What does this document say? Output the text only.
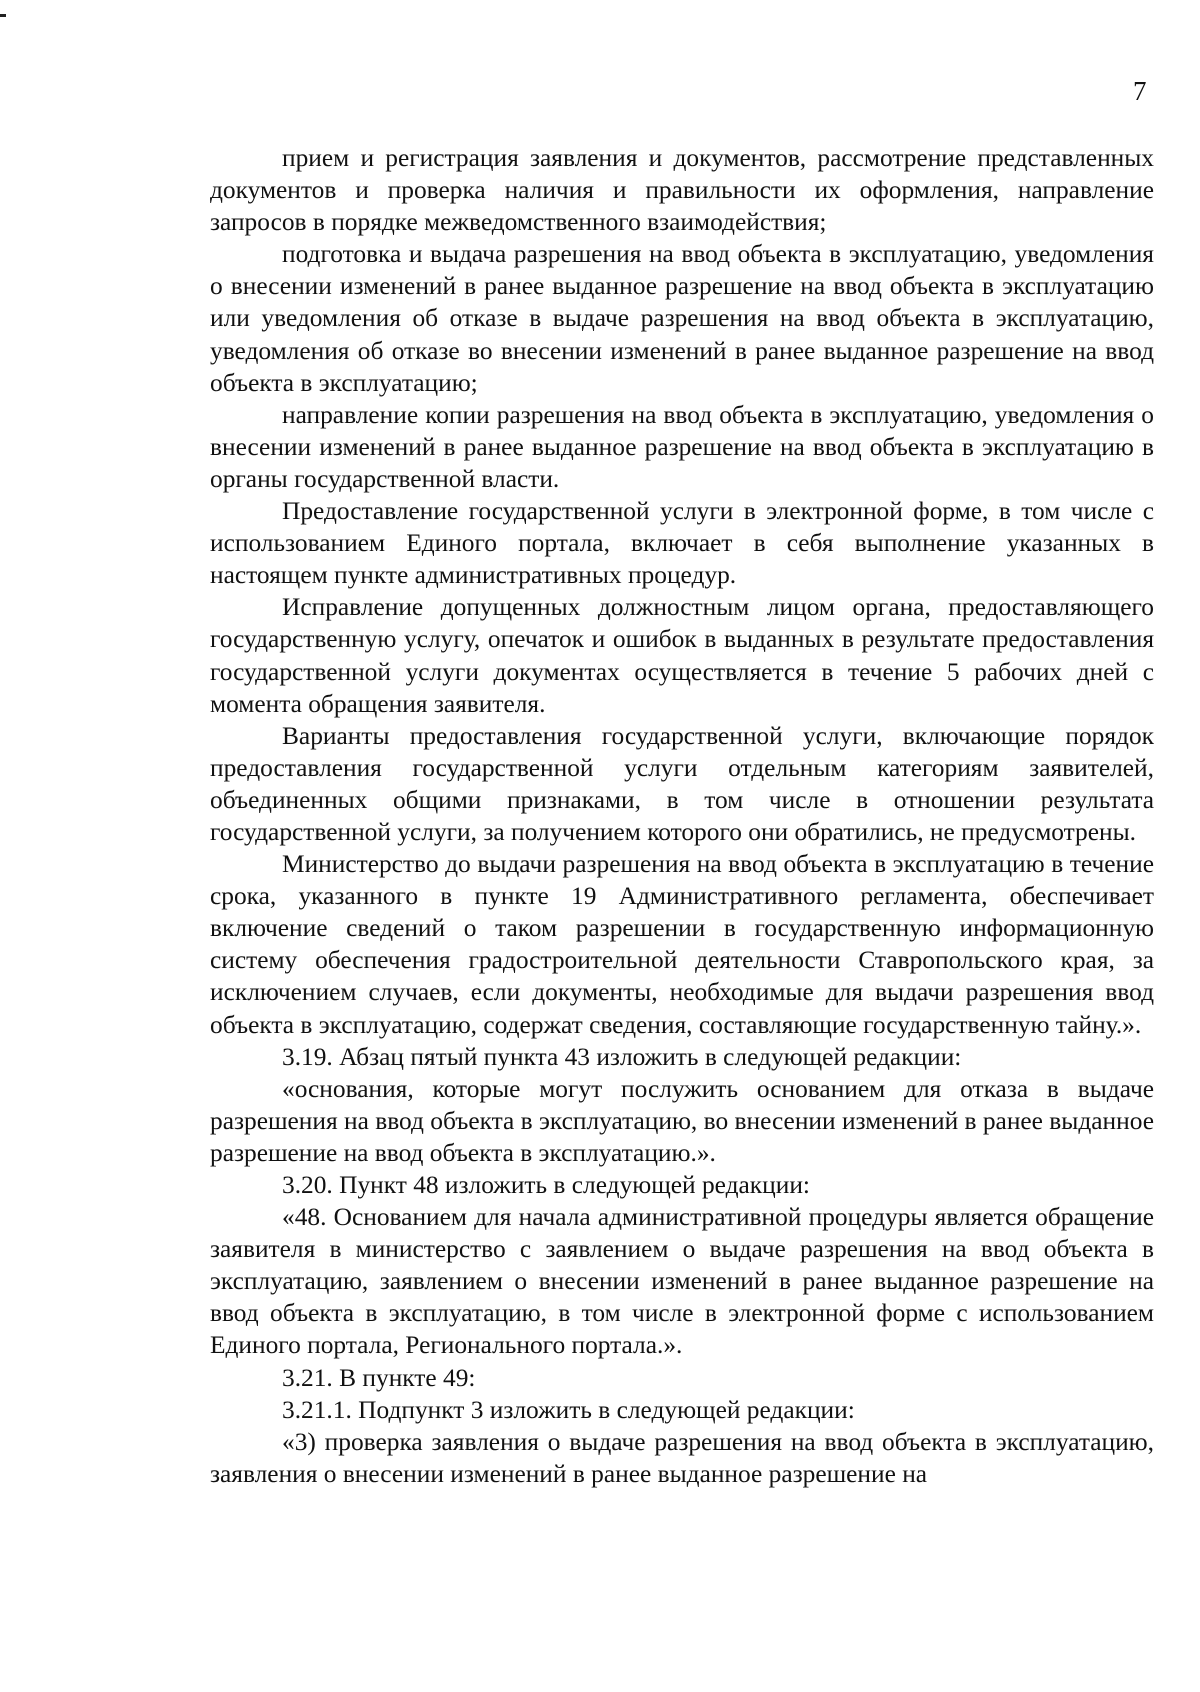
7

прием и регистрация заявления и документов, рассмотрение представленных документов и проверка наличия и правильности их оформления, направление запросов в порядке межведомственного взаимодействия;

подготовка и выдача разрешения на ввод объекта в эксплуатацию, уведомления о внесении изменений в ранее выданное разрешение на ввод объекта в эксплуатацию или уведомления об отказе в выдаче разрешения на ввод объекта в эксплуатацию, уведомления об отказе во внесении изменений в ранее выданное разрешение на ввод объекта в эксплуатацию;

направление копии разрешения на ввод объекта в эксплуатацию, уведомления о внесении изменений в ранее выданное разрешение на ввод объекта в эксплуатацию в органы государственной власти.

Предоставление государственной услуги в электронной форме, в том числе с использованием Единого портала, включает в себя выполнение указанных в настоящем пункте административных процедур.

Исправление допущенных должностным лицом органа, предоставляющего государственную услугу, опечаток и ошибок в выданных в результате предоставления государственной услуги документах осуществляется в течение 5 рабочих дней с момента обращения заявителя.

Варианты предоставления государственной услуги, включающие порядок предоставления государственной услуги отдельным категориям заявителей, объединенных общими признаками, в том числе в отношении результата государственной услуги, за получением которого они обратились, не предусмотрены.

Министерство до выдачи разрешения на ввод объекта в эксплуатацию в течение срока, указанного в пункте 19 Административного регламента, обеспечивает включение сведений о таком разрешении в государственную информационную систему обеспечения градостроительной деятельности Ставропольского края, за исключением случаев, если документы, необходимые для выдачи разрешения ввод объекта в эксплуатацию, содержат сведения, составляющие государственную тайну.».

3.19. Абзац пятый пункта 43 изложить в следующей редакции:

«основания, которые могут послужить основанием для отказа в выдаче разрешения на ввод объекта в эксплуатацию, во внесении изменений в ранее выданное разрешение на ввод объекта в эксплуатацию.».

3.20. Пункт 48 изложить в следующей редакции:

«48. Основанием для начала административной процедуры является обращение заявителя в министерство с заявлением о выдаче разрешения на ввод объекта в эксплуатацию, заявлением о внесении изменений в ранее выданное разрешение на ввод объекта в эксплуатацию, в том числе в электронной форме с использованием Единого портала, Регионального портала.».

3.21. В пункте 49:

3.21.1. Подпункт 3 изложить в следующей редакции:

«3) проверка заявления о выдаче разрешения на ввод объекта в эксплуатацию, заявления о внесении изменений в ранее выданное разрешение на
